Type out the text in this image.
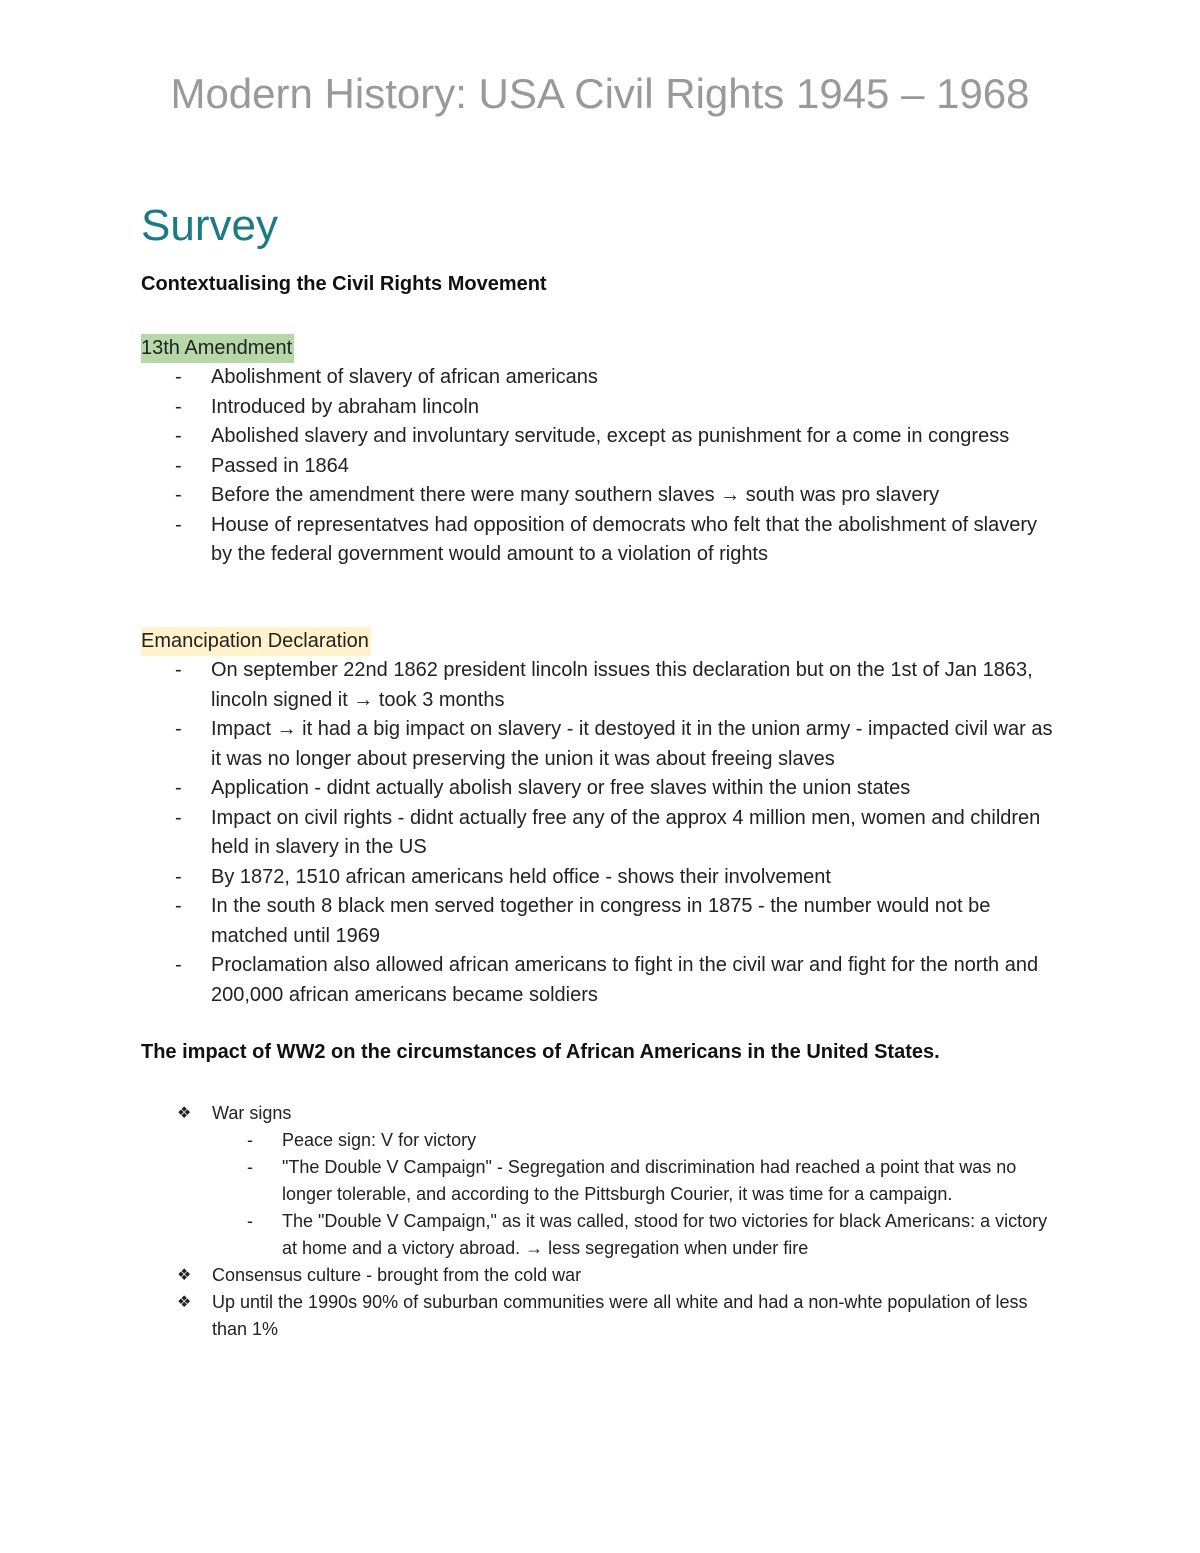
Modern History: USA Civil Rights 1945 – 1968
Survey
Contextualising the Civil Rights Movement
13th Amendment
- Abolishment of slavery of african americans
- Introduced by abraham lincoln
- Abolished slavery and involuntary servitude, except as punishment for a come in congress
- Passed in 1864
- Before the amendment there were many southern slaves → south was pro slavery
- House of representatves had opposition of democrats who felt that the abolishment of slavery by the federal government would amount to a violation of rights
Emancipation Declaration
- On september 22nd 1862 president lincoln issues this declaration but on the 1st of Jan 1863, lincoln signed it → took 3 months
- Impact → it had a big impact on slavery - it destoyed it in the union army - impacted civil war as it was no longer about preserving the union it was about freeing slaves
- Application - didnt actually abolish slavery or free slaves within the union states
- Impact on civil rights - didnt actually free any of the approx 4 million men, women and children held in slavery in the US
- By 1872, 1510 african americans held office - shows their involvement
- In the south 8 black men served together in congress in 1875 - the number would not be matched until 1969
- Proclamation also allowed african americans to fight in the civil war and fight for the north and 200,000 african americans became soldiers
The impact of WW2 on the circumstances of African Americans in the United States.
❖ War signs
- Peace sign: V for victory
- "The Double V Campaign" - Segregation and discrimination had reached a point that was no longer tolerable, and according to the Pittsburgh Courier, it was time for a campaign.
- The "Double V Campaign," as it was called, stood for two victories for black Americans: a victory at home and a victory abroad. → less segregation when under fire
❖ Consensus culture - brought from the cold war
❖ Up until the 1990s 90% of suburban communities were all white and had a non-whte population of less than 1%
